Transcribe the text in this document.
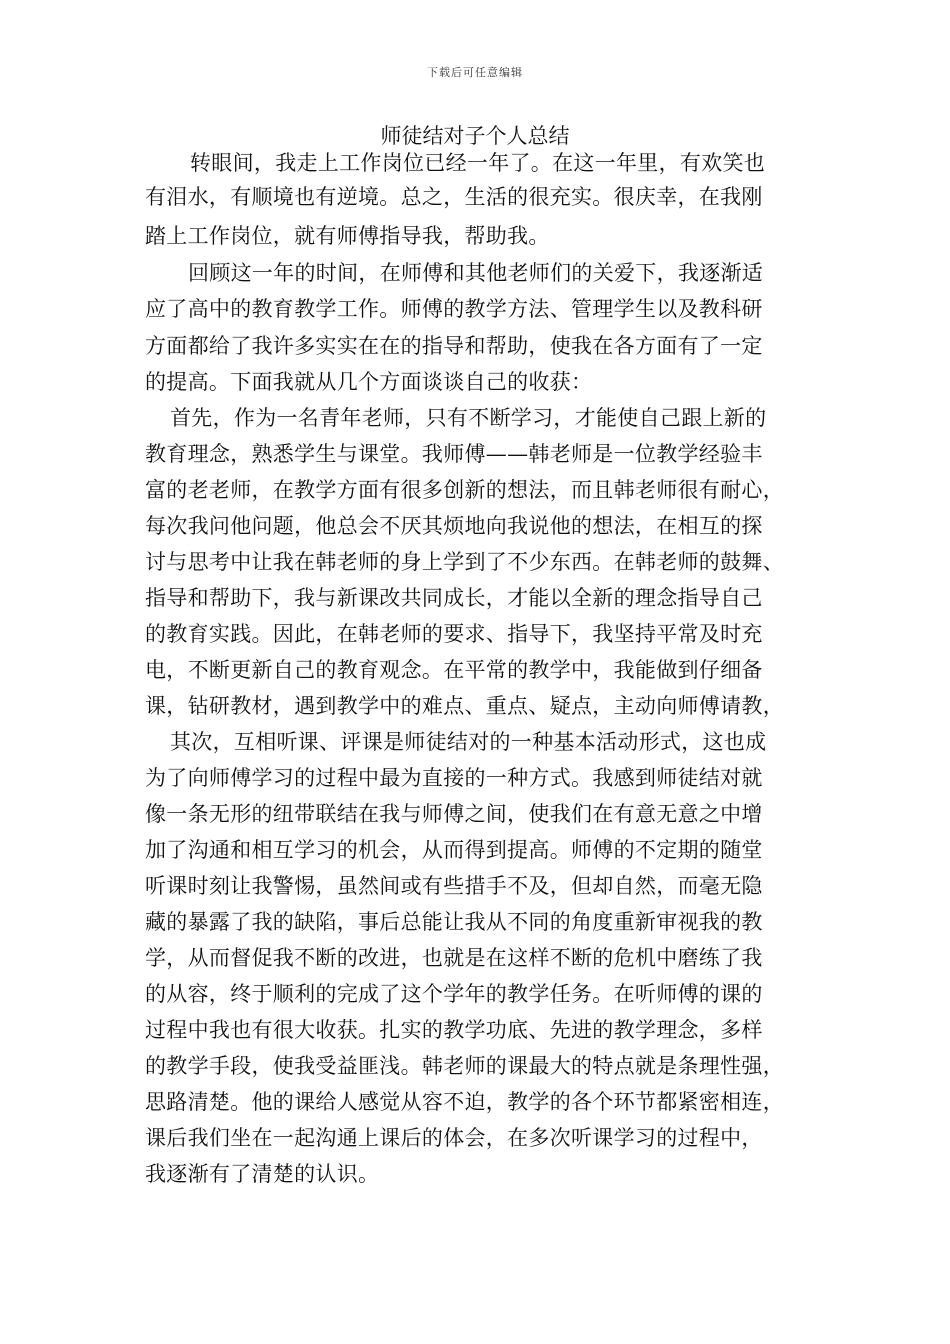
下载后可任意编辑
师徒结对子个人总结
转眼间，我走上工作岗位已经一年了。在这一年里，有欢笑也
有泪水，有顺境也有逆境。总之，生活的很充实。很庆幸，在我刚
踏上工作岗位，就有师傅指导我，帮助我。
回顾这一年的时间，在师傅和其他老师们的关爱下，我逐渐适
应了高中的教育教学工作。师傅的教学方法、管理学生以及教科研
方面都给了我许多实实在在的指导和帮助，使我在各方面有了一定
的提高。下面我就从几个方面谈谈自己的收获：
首先，作为一名青年老师，只有不断学习，才能使自己跟上新的
教育理念，熟悉学生与课堂。我师傅——韩老师是一位教学经验丰
富的老老师，在教学方面有很多创新的想法，而且韩老师很有耐心，
每次我问他问题，他总会不厌其烦地向我说他的想法，在相互的探
讨与思考中让我在韩老师的身上学到了不少东西。在韩老师的鼓舞、
指导和帮助下，我与新课改共同成长，才能以全新的理念指导自己
的教育实践。因此，在韩老师的要求、指导下，我坚持平常及时充
电，不断更新自己的教育观念。在平常的教学中，我能做到仔细备
课，钻研教材，遇到教学中的难点、重点、疑点，主动向师傅请教，
其次，互相听课、评课是师徒结对的一种基本活动形式，这也成
为了向师傅学习的过程中最为直接的一种方式。我感到师徒结对就
像一条无形的纽带联结在我与师傅之间，使我们在有意无意之中增
加了沟通和相互学习的机会，从而得到提高。师傅的不定期的随堂
听课时刻让我警惕，虽然间或有些措手不及，但却自然，而毫无隐
藏的暴露了我的缺陷，事后总能让我从不同的角度重新审视我的教
学，从而督促我不断的改进，也就是在这样不断的危机中磨练了我
的从容，终于顺利的完成了这个学年的教学任务。在听师傅的课的
过程中我也有很大收获。扎实的教学功底、先进的教学理念，多样
的教学手段，使我受益匪浅。韩老师的课最大的特点就是条理性强，
思路清楚。他的课给人感觉从容不迫，教学的各个环节都紧密相连，
课后我们坐在一起沟通上课后的体会，在多次听课学习的过程中，
我逐渐有了清楚的认识。
